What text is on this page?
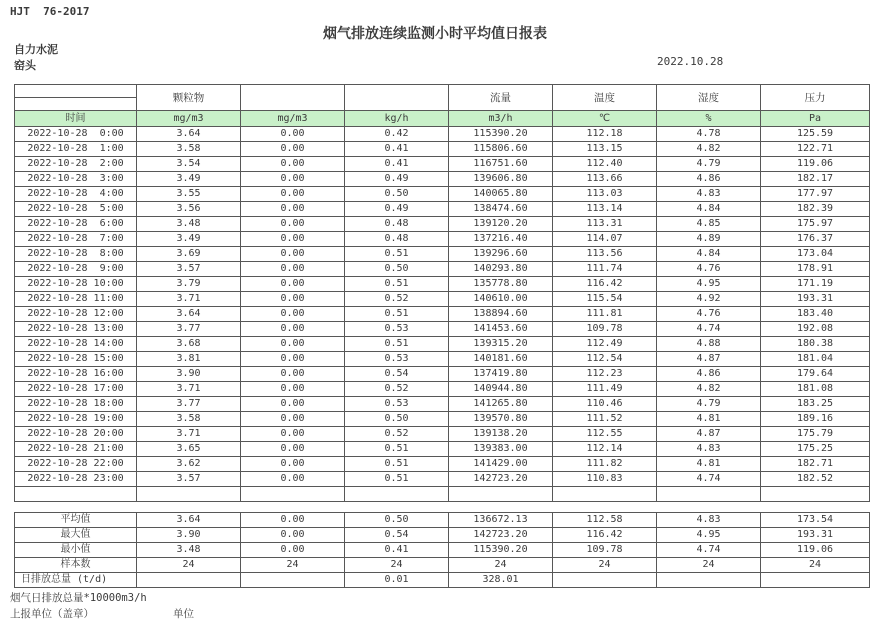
HJT  76-2017
烟气排放连续监测小时平均值日报表
自力水泥
窑头	2022.10.28
	颗粒物			流量	温度	湿度	压力

时间	mg/m3	mg/m3	kg/h	m3/h	℃	%	Pa
2022-10-28  0:00	3.64	0.00	0.42	115390.20	112.18	4.78	125.59
2022-10-28  1:00	3.58	0.00	0.41	115806.60	113.15	4.82	122.71
2022-10-28  2:00	3.54	0.00	0.41	116751.60	112.40	4.79	119.06
2022-10-28  3:00	3.49	0.00	0.49	139606.80	113.66	4.86	182.17
2022-10-28  4:00	3.55	0.00	0.50	140065.80	113.03	4.83	177.97
2022-10-28  5:00	3.56	0.00	0.49	138474.60	113.14	4.84	182.39
2022-10-28  6:00	3.48	0.00	0.48	139120.20	113.31	4.85	175.97
2022-10-28  7:00	3.49	0.00	0.48	137216.40	114.07	4.89	176.37
2022-10-28  8:00	3.69	0.00	0.51	139296.60	113.56	4.84	173.04
2022-10-28  9:00	3.57	0.00	0.50	140293.80	111.74	4.76	178.91
2022-10-28 10:00	3.79	0.00	0.51	135778.80	116.42	4.95	171.19
2022-10-28 11:00	3.71	0.00	0.52	140610.00	115.54	4.92	193.31
2022-10-28 12:00	3.64	0.00	0.51	138894.60	111.81	4.76	183.40
2022-10-28 13:00	3.77	0.00	0.53	141453.60	109.78	4.74	192.08
2022-10-28 14:00	3.68	0.00	0.51	139315.20	112.49	4.88	180.38
2022-10-28 15:00	3.81	0.00	0.53	140181.60	112.54	4.87	181.04
2022-10-28 16:00	3.90	0.00	0.54	137419.80	112.23	4.86	179.64
2022-10-28 17:00	3.71	0.00	0.52	140944.80	111.49	4.82	181.08
2022-10-28 18:00	3.77	0.00	0.53	141265.80	110.46	4.79	183.25
2022-10-28 19:00	3.58	0.00	0.50	139570.80	111.52	4.81	189.16
2022-10-28 20:00	3.71	0.00	0.52	139138.20	112.55	4.87	175.79
2022-10-28 21:00	3.65	0.00	0.51	139383.00	112.14	4.83	175.25
2022-10-28 22:00	3.62	0.00	0.51	141429.00	111.82	4.81	182.71
2022-10-28 23:00	3.57	0.00	0.51	142723.20	110.83	4.74	182.52

平均值	3.64	0.00	0.50	136672.13	112.58	4.83	173.54
最大值	3.90	0.00	0.54	142723.20	116.42	4.95	193.31
最小值	3.48	0.00	0.41	115390.20	109.78	4.74	119.06
样本数	24	24	24	24	24	24	24
日排放总量 (t/d)			0.01	328.01			
烟气日排放总量*10000m3/h
上报单位（盖章）	单位
